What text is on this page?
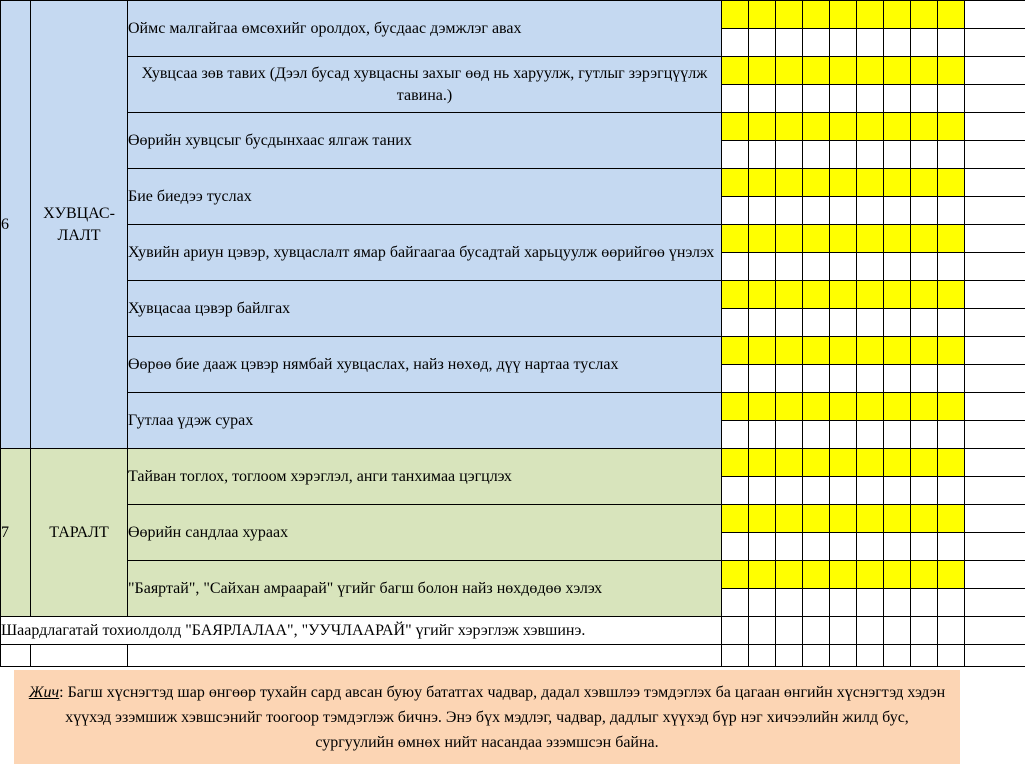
6	ХУВЦАС-ЛАЛТ	Оймс малгайгаа өмсөхийг оролдох, бусдаас дэмжлэг авах										

		Хувцсаа зөв тавих (Дээл бусад хувцасны захыг өөд нь харуулж, гутлыг зэрэгцүүлж тавина.)										

		Өөрийн хувцсыг бусдынхаас ялгаж таних										

		Бие биедээ туслах										

		Хувийн ариун цэвэр, хувцаслалт ямар байгаагаа бусадтай харьцуулж өөрийгөө үнэлэх										

		Хувцасаа цэвэр байлгах										

		Өөрөө бие дааж цэвэр нямбай хувцаслах, найз нөхөд, дүү нартаа туслах										

		Гутлаа үдэж сурах										

7	ТАРАЛТ	Тайван тоглох, тоглоом хэрэглэл, анги танхимаа цэгцлэх										

		Өөрийн сандлаа хураах										

		"Баяртай", "Сайхан амраарай" үгийг багш болон найз нөхдөдөө хэлэх										

Шаардлагатай тохиолдолд "БАЯРЛАЛАА", "УУЧЛААРАЙ" үгийг хэрэглэж хэвшинэ.												

Жич: Багш хүснэгтэд шар өнгөөр тухайн сард авсан буюу бататгах чадвар, дадал хэвшлээ тэмдэглэх ба цагаан өнгийн хүснэгтэд хэдэн хүүхэд эзэмшиж хэвшсэнийг тоогоор тэмдэглэж бичнэ. Энэ бүх мэдлэг, чадвар, дадлыг хүүхэд бүр нэг хичээлийн жилд бус, сургуулийн өмнөх нийт насандаа эзэмшсэн байна.
